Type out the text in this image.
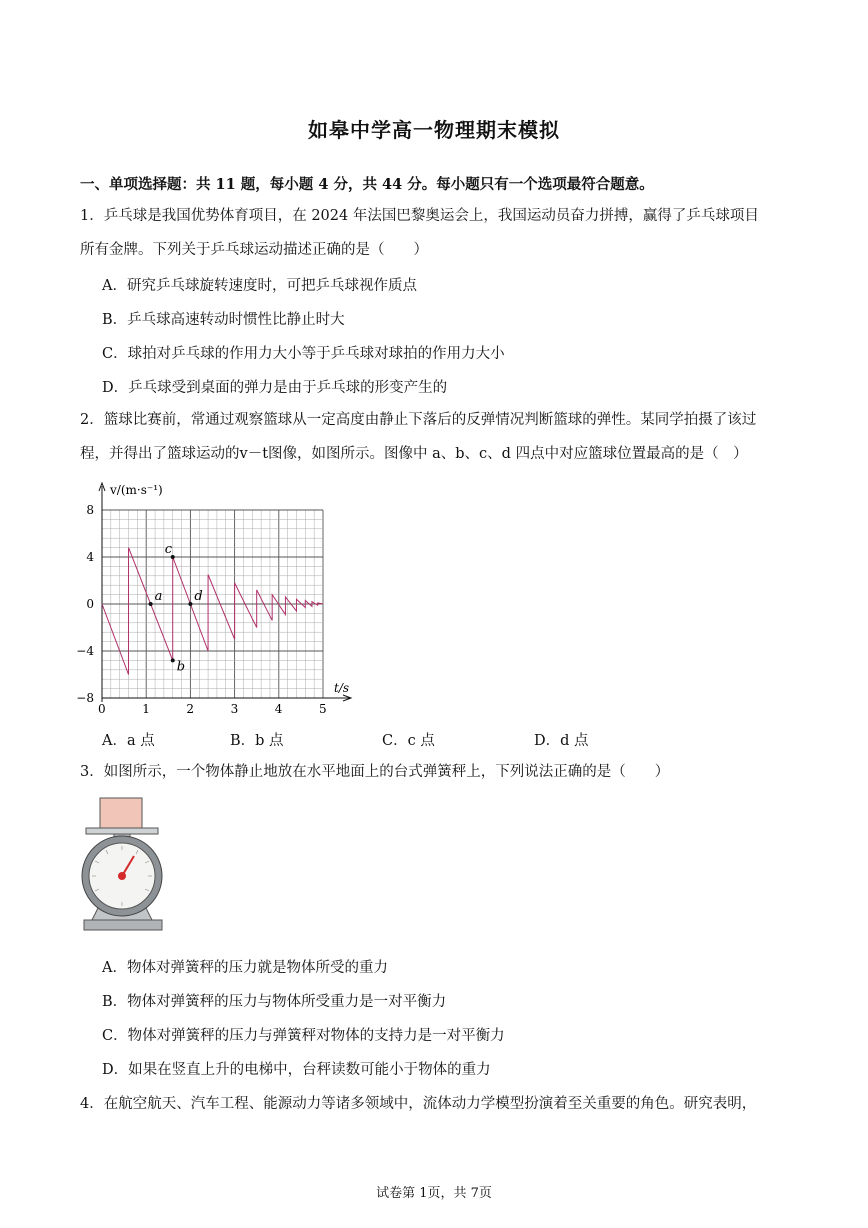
如皋中学高一物理期末模拟
一、单项选择题：共 11 题，每小题 4 分，共 44 分。每小题只有一个选项最符合题意。
1．乒乓球是我国优势体育项目，在 2024 年法国巴黎奥运会上，我国运动员奋力拼搏，赢得了乒乓球项目
所有金牌。下列关于乒乓球运动描述正确的是（　　）
A．研究乒乓球旋转速度时，可把乒乓球视作质点
B．乒乓球高速转动时惯性比静止时大
C．球拍对乒乓球的作用力大小等于乒乓球对球拍的作用力大小
D．乒乓球受到桌面的弹力是由于乒乓球的形变产生的
2．篮球比赛前，常通过观察篮球从一定高度由静止下落后的反弹情况判断篮球的弹性。某同学拍摄了该过
程，并得出了篮球运动的v－t图像，如图所示。图像中 a、b、c、d 四点中对应篮球位置最高的是（　）
a
b
c
d
0	1	2	3	4	5
8
4
0
−4
−8
v/(m·s⁻¹)
t/s
A．a 点	B．b 点	C．c 点	D．d 点
3．如图所示，一个物体静止地放在水平地面上的台式弹簧秤上，下列说法正确的是（　　）
A．物体对弹簧秤的压力就是物体所受的重力
B．物体对弹簧秤的压力与物体所受重力是一对平衡力
C．物体对弹簧秤的压力与弹簧秤对物体的支持力是一对平衡力
D．如果在竖直上升的电梯中，台秤读数可能小于物体的重力
4．在航空航天、汽车工程、能源动力等诸多领域中，流体动力学模型扮演着至关重要的角色。研究表明，
试卷第 1页，共 7页
